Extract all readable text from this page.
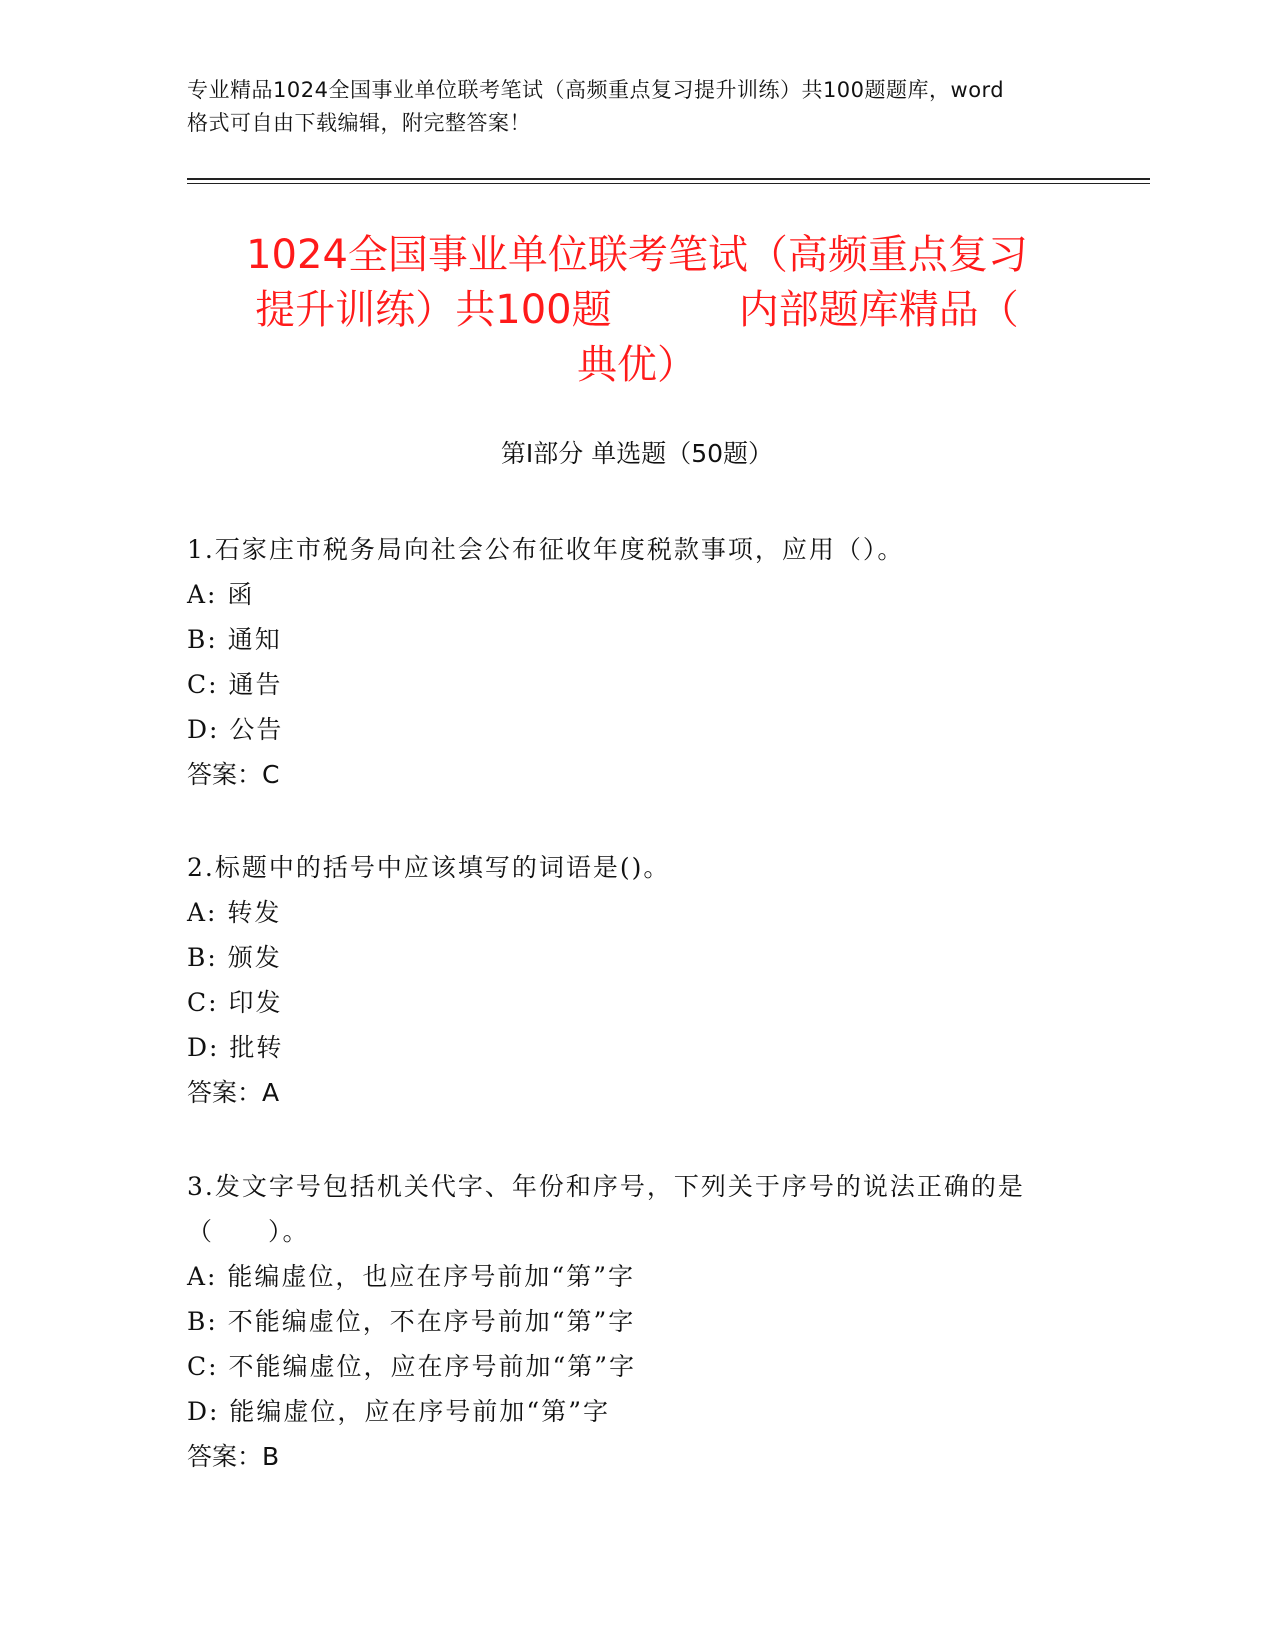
专业精品1024全国事业单位联考笔试（高频重点复习提升训练）共100题题库，word格式可自由下载编辑，附完整答案！
1024全国事业单位联考笔试（高频重点复习
提升训练）共100题          内部题库精品（
典优）
第Ⅰ部分 单选题（50题）
1.石家庄市税务局向社会公布征收年度税款事项，应用（）。
A: 函
B: 通知
C: 通告
D: 公告
答案：C
2.标题中的括号中应该填写的词语是()。
A: 转发
B: 颁发
C: 印发
D: 批转
答案：A
3.发文字号包括机关代字、年份和序号，下列关于序号的说法正确的是（　　）。
A: 能编虚位，也应在序号前加“第”字
B: 不能编虚位，不在序号前加“第”字
C: 不能编虚位，应在序号前加“第”字
D: 能编虚位，应在序号前加“第”字
答案：B
